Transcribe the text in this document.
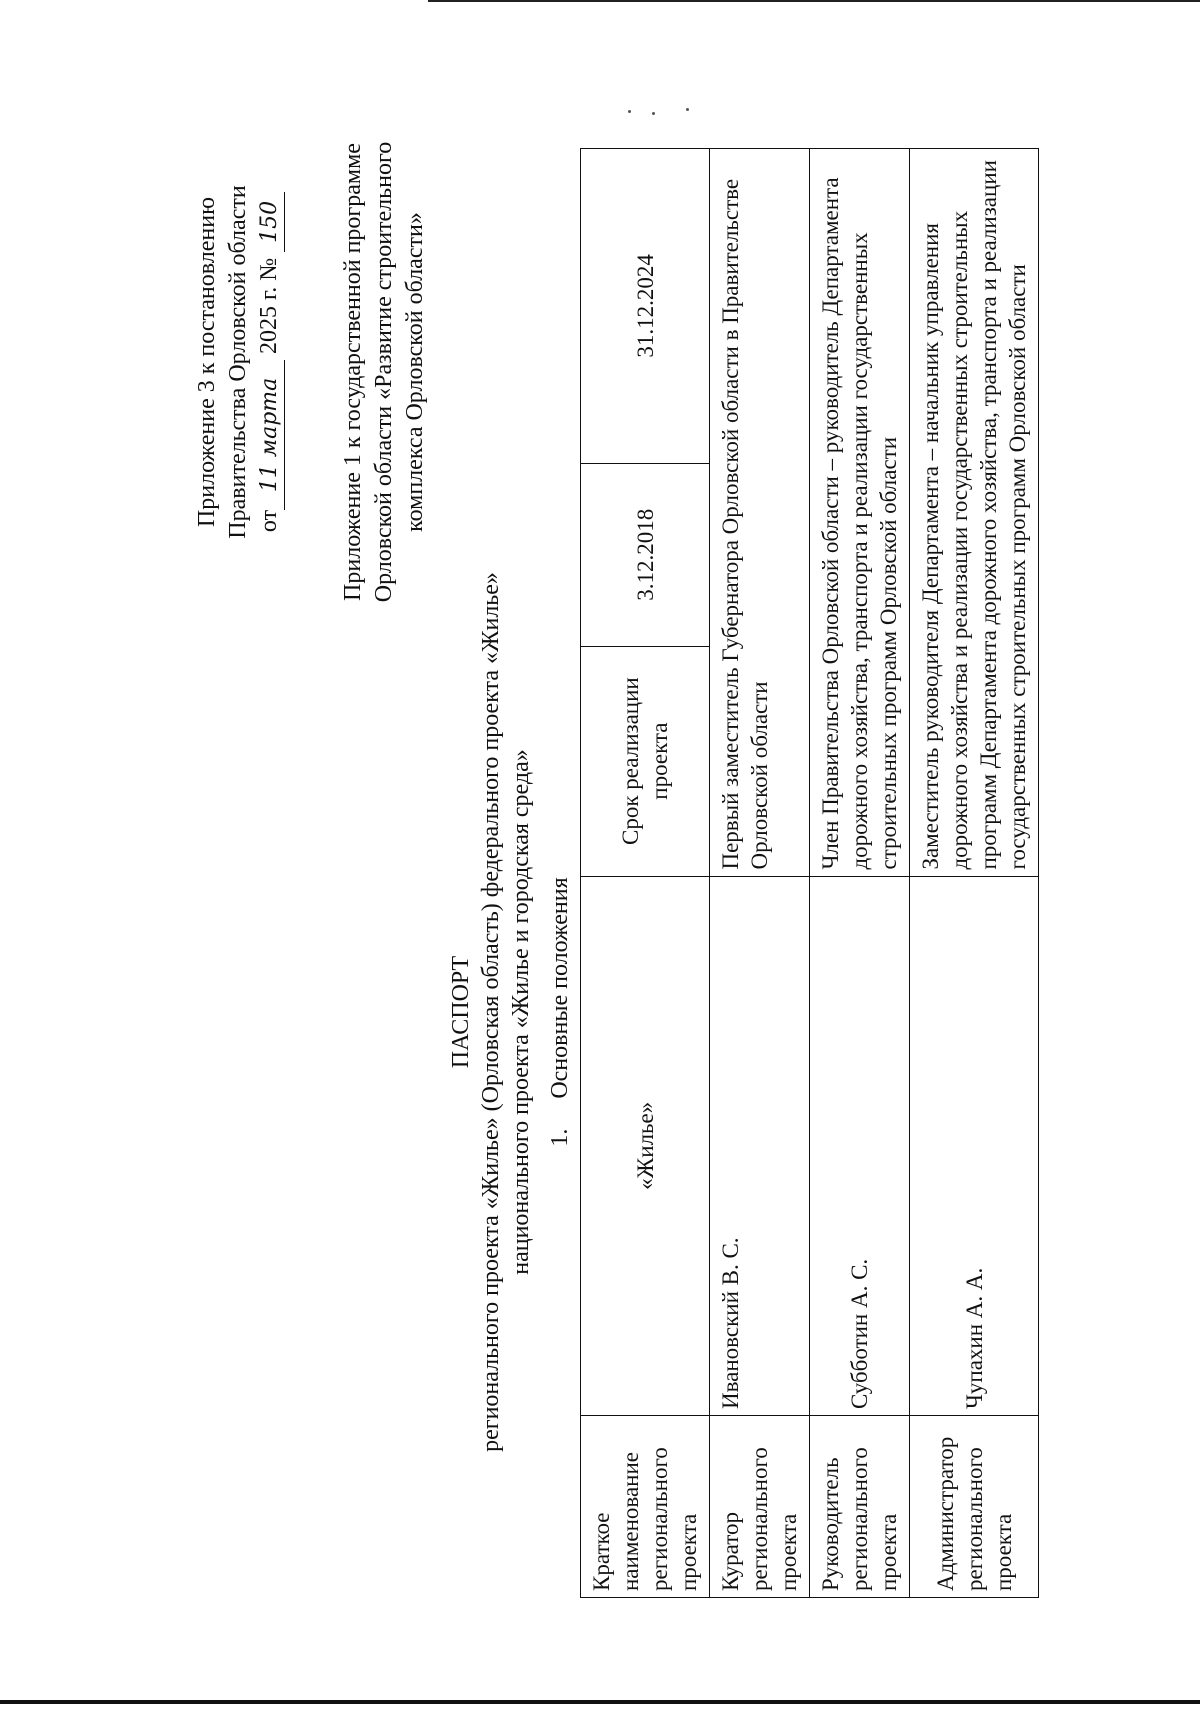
Приложение 3 к постановлению Правительства Орловской области от11 марта 2025 г. № 150 Приложение 1 к государственной программе Орловской области «Развитие строительного комплекса Орловской области»
ПАСПОРТ регионального проекта «Жилье» (Орловская область) федерального проекта «Жилье» национального проекта «Жилье и городская среда» 1.     Основные положения
Краткое наименование регионального проекта	«Жилье»	Срок реализации проекта	3.12.2018	31.12.2024
Куратор регионального проекта	Ивановский В. С.	Первый заместитель Губернатора Орловской области в Правительстве Орловской области		
Руководитель регионального проекта	Субботин А. С.	Член Правительства Орловской области – руководитель Департамента дорожного хозяйства, транспорта и реализации государственных строительных программ Орловской области		
Администратор регионального проекта	Чупахин А. А.	Заместитель руководителя Департамента – начальник управления дорожного хозяйства и реализации государственных строительных программ Департамента дорожного хозяйства, транспорта и реализации государственных строительных программ Орловской области		
